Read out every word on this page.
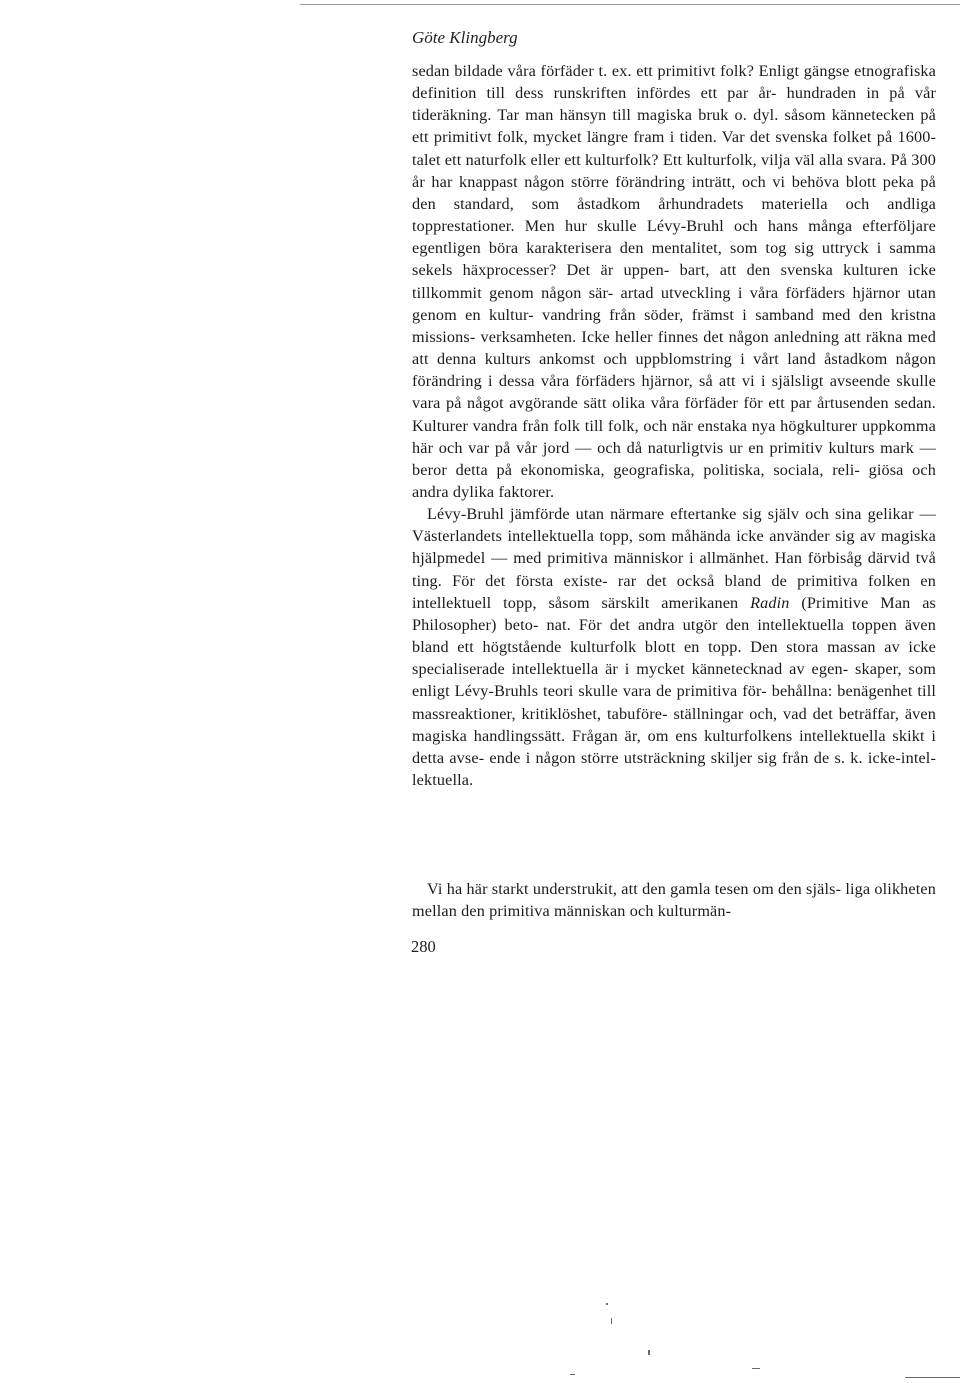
Göte Klingberg

sedan bildade våra förfäder t. ex. ett primitivt folk? Enligt gängse etnografiska definition till dess runskriften infördes ett par år- hundraden in på vår tideräkning. Tar man hänsyn till magiska bruk o. dyl. såsom kännetecken på ett primitivt folk, mycket längre fram i tiden. Var det svenska folket på 1600-talet ett naturfolk eller ett kulturfolk? Ett kulturfolk, vilja väl alla svara. På 300 år har knappast någon större förändring inträtt, och vi behöva blott peka på den standard, som åstadkom århundradets materiella och andliga topprestationer. Men hur skulle Lévy-Bruhl och hans många efterföljare egentligen böra karakterisera den mentalitet, som tog sig uttryck i samma sekels häxprocesser? Det är uppen- bart, att den svenska kulturen icke tillkommit genom någon sär- artad utveckling i våra förfäders hjärnor utan genom en kultur- vandring från söder, främst i samband med den kristna missions- verksamheten. Icke heller finnes det någon anledning att räkna med att denna kulturs ankomst och uppblomstring i vårt land åstadkom någon förändring i dessa våra förfäders hjärnor, så att vi i själsligt avseende skulle vara på något avgörande sätt olika våra förfäder för ett par årtusenden sedan. Kulturer vandra från folk till folk, och när enstaka nya högkulturer uppkomma här och var på vår jord — och då naturligtvis ur en primitiv kulturs mark — beror detta på ekonomiska, geografiska, politiska, sociala, reli- giösa och andra dylika faktorer.

Lévy-Bruhl jämförde utan närmare eftertanke sig själv och sina gelikar — Västerlandets intellektuella topp, som måhända icke använder sig av magiska hjälpmedel — med primitiva människor i allmänhet. Han förbisåg därvid två ting. För det första existe- rar det också bland de primitiva folken en intellektuell topp, såsom särskilt amerikanen Radin (Primitive Man as Philosopher) beto- nat. För det andra utgör den intellektuella toppen även bland ett högtstående kulturfolk blott en topp. Den stora massan av icke specialiserade intellektuella är i mycket kännetecknad av egen- skaper, som enligt Lévy-Bruhls teori skulle vara de primitiva för- behållna: benägenhet till massreaktioner, kritiklöshet, tabuföre- ställningar och, vad det beträffar, även magiska handlingssätt. Frågan är, om ens kulturfolkens intellektuella skikt i detta avse- ende i någon större utsträckning skiljer sig från de s. k. icke-intel- lektuella.

Vi ha här starkt understrukit, att den gamla tesen om den själs- liga olikheten mellan den primitiva människan och kulturmän-

280
